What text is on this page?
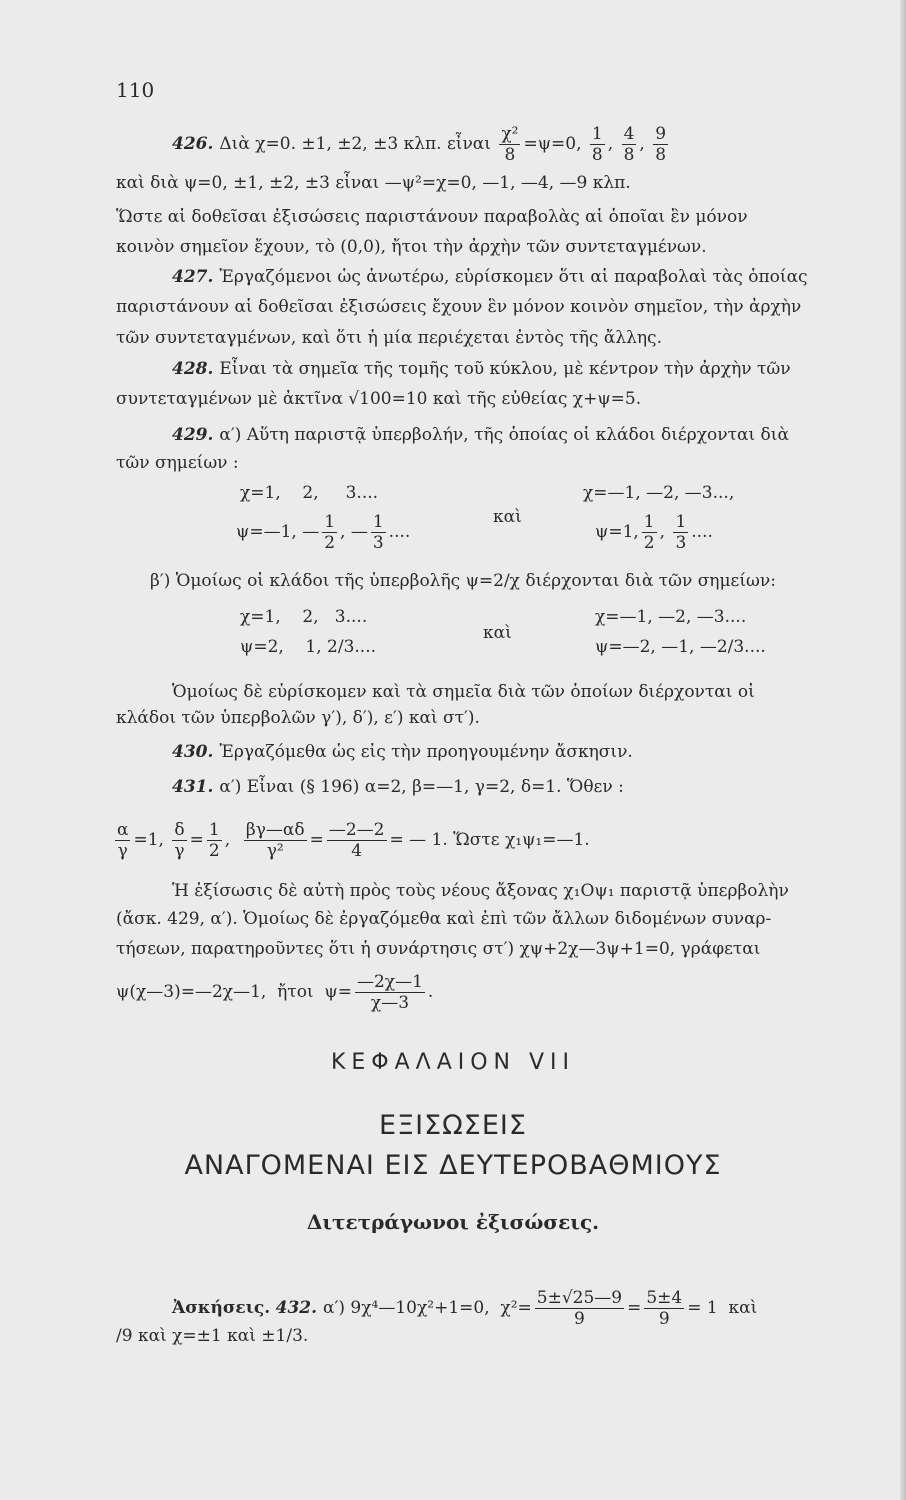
110
426. Διὰ χ=0. ±1, ±2, ±3 κλπ. εἶναι $\frac{\text{χ²}}{8} =\psi=0$, $\frac{1}{8}$ , $\frac{4}{8}$ , $\frac{9}{8}$
καὶ διὰ ψ=0, ±1, ±2, ±3 εἶναι —ψ²=χ=0, —1, —4, —9 κλπ.
Ὥστε αἱ δοθεῖσαι ἐξισώσεις παριστάνουν παραβολὰς αἱ ὁποῖαι ἓν μόνον
κοινὸν σημεῖον ἔχουν, τὸ (0,0), ἤτοι τὴν ἀρχὴν τῶν συντεταγμένων.
427. Ἐργαζόμενοι ὡς ἀνωτέρω, εὑρίσκομεν ὅτι αἱ παραβολαὶ τὰς ὁποίας
παριστάνουν αἱ δοθεῖσαι ἐξισώσεις ἔχουν ἓν μόνον κοινὸν σημεῖον, τὴν ἀρχὴν
τῶν συντεταγμένων, καὶ ὅτι ἡ μία περιέχεται ἐντὸς τῆς ἄλλης.
428. Εἶναι τὰ σημεῖα τῆς τομῆς τοῦ κύκλου, μὲ κέντρον τὴν ἀρχὴν τῶν
συντεταγμένων μὲ ἀκτῖνα √100=10 καὶ τῆς εὐθείας χ+ψ=5.
429. α′) Αὕτη παριστᾷ ὑπερβολήν, τῆς ὁποίας οἱ κλάδοι διέρχονται διὰ
τῶν σημείων :
χ=1,    2,     3....	χ=—1, —2, —3...,
ψ=—1, — $\frac{1}{2}$ , — $\frac{1}{3}$ ....
καὶ
ψ=1, $\frac{1}{2}$ , $\frac{1}{3}$ ....
β′) Ὁμοίως οἱ κλάδοι τῆς ὑπερβολῆς ψ=2/χ διέρχονται διὰ τῶν σημείων:
χ=1,    2,   3....
ψ=2,    1, 2/3....
καὶ
χ=—1, —2, —3....
ψ=—2, —1, —2/3....
Ὁμοίως δὲ εὑρίσκομεν καὶ τὰ σημεῖα διὰ τῶν ὁποίων διέρχονται οἱ
κλάδοι τῶν ὑπερβολῶν γ′), δ′), ε′) καὶ στ′).
430. Ἐργαζόμεθα ὡς εἰς τὴν προηγουμένην ἄσκησιν.
431. α′) Εἶναι (§ 196) α=2, β=—1, γ=2, δ=1. Ὅθεν :
$\frac{\alpha}{\gamma} =1$, $\frac{\delta}{\gamma} = \frac{1}{2}$ , $\frac{\beta\gamma—\alpha\delta}{\text{γ²}} = \frac{—2—2}{4}$ = — 1. Ὥστε χ₁ψ₁=—1.
Ἡ ἐξίσωσις δὲ αὐτὴ πρὸς τοὺς νέους ἄξονας χ₁Οψ₁ παριστᾷ ὑπερβολὴν
(ἄσκ. 429, α′). Ὁμοίως δὲ ἐργαζόμεθα καὶ ἐπὶ τῶν ἄλλων διδομένων συναρ-
τήσεων, παρατηροῦντες ὅτι ἡ συνάρτησις στ′) χψ+2χ—3ψ+1=0, γράφεται
ψ(χ—3)=—2χ—1,  ἤτοι  $\psi= \frac{—2\chi—1}{\chi—3}$ .
ΚΕΦΑΛΑΙΟΝ VII
ΕΞΙΣΩΣΕΙΣ
ΑΝΑΓΟΜΕΝΑΙ ΕΙΣ ΔΕΥΤΕΡΟΒΑΘΜΙΟΥΣ
Διτετράγωνοι ἐξισώσεις.
Ἀσκήσεις. 432. α′) 9χ⁴—10χ²+1=0,  $\chi^2= \frac{5\pm√25—9}{9} = \frac{5\pm 4}{9} = 1$  καὶ
/9 καὶ χ=±1 καὶ ±1/3.
